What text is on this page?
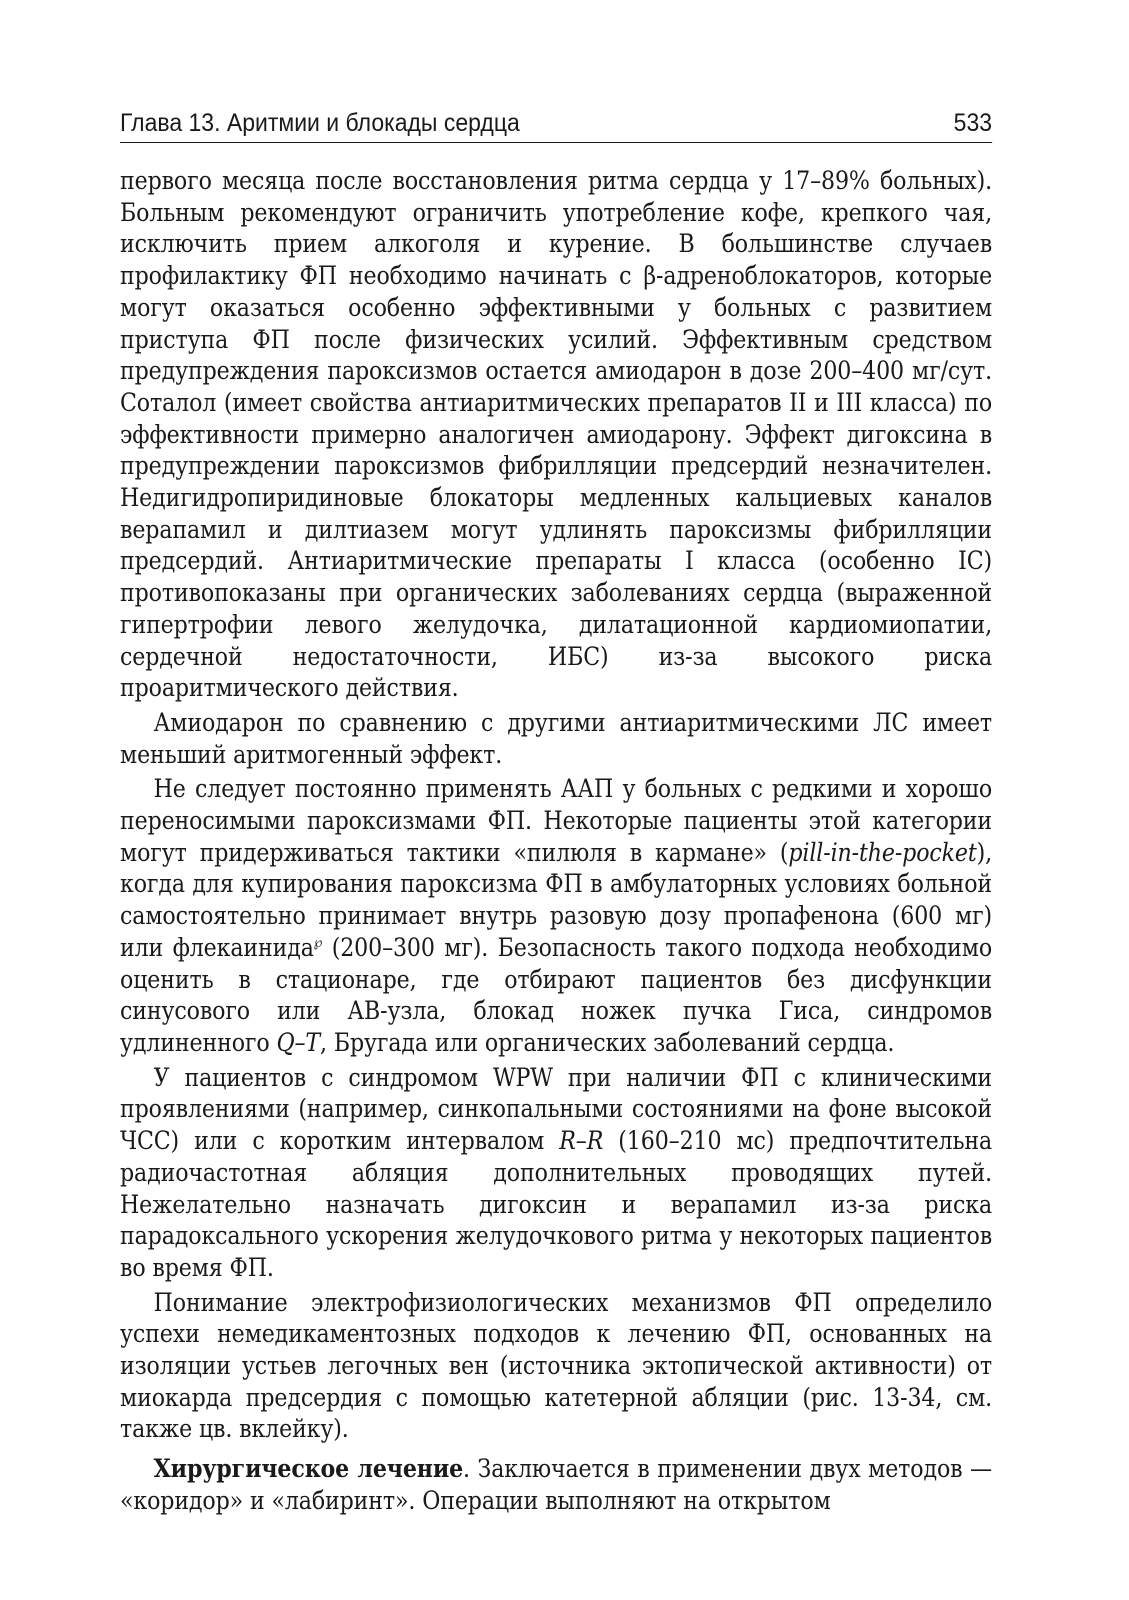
Глава 13. Аритмии и блокады сердца	533

первого месяца после восстановления ритма сердца у 17–89% больных). Больным рекомендуют ограничить употребление кофе, крепкого чая, исключить прием алкоголя и курение. В большинстве случаев профилактику ФП необходимо начинать с β-адреноблокаторов, которые могут оказаться особенно эффективными у больных с развитием приступа ФП после физических усилий. Эффективным средством предупреждения пароксизмов остается амиодарон в дозе 200–400 мг/сут. Соталол (имеет свойства антиаритмических препаратов II и III класса) по эффективности примерно аналогичен амиодарону. Эффект дигоксина в предупреждении пароксизмов фибрилляции предсердий незначителен. Недигидропиридиновые блокаторы медленных кальциевых каналов верапамил и дилтиазем могут удлинять пароксизмы фибрилляции предсердий. Антиаритмические препараты I класса (особенно IC) противопоказаны при органических заболеваниях сердца (выраженной гипертрофии левого желудочка, дилатационной кардиомиопатии, сердечной недостаточности, ИБС) из-за высокого риска проаритмического действия.

Амиодарон по сравнению с другими антиаритмическими ЛС имеет меньший аритмогенный эффект.

Не следует постоянно применять ААП у больных с редкими и хорошо переносимыми пароксизмами ФП. Некоторые пациенты этой категории могут придерживаться тактики «пилюля в кармане» (pill-in-the-pocket), когда для купирования пароксизма ФП в амбулаторных условиях больной самостоятельно принимает внутрь разовую дозу пропафенона (600 мг) или флекаинида℘ (200–300 мг). Безопасность такого подхода необходимо оценить в стационаре, где отбирают пациентов без дисфункции синусового или АВ-узла, блокад ножек пучка Гиса, синдромов удлиненного Q–T, Бругада или органических заболеваний сердца.

У пациентов с синдромом WPW при наличии ФП с клиническими проявлениями (например, синкопальными состояниями на фоне высокой ЧСС) или с коротким интервалом R–R (160–210 мс) предпочтительна радиочастотная абляция дополнительных проводящих путей. Нежелательно назначать дигоксин и верапамил из-за риска парадоксального ускорения желудочкового ритма у некоторых пациентов во время ФП.

Понимание электрофизиологических механизмов ФП определило успехи немедикаментозных подходов к лечению ФП, основанных на изоляции устьев легочных вен (источника эктопической активности) от миокарда предсердия с помощью катетерной абляции (рис. 13-34, см. также цв. вклейку).

Хирургическое лечение. Заключается в применении двух методов — «коридор» и «лабиринт». Операции выполняют на открытом
